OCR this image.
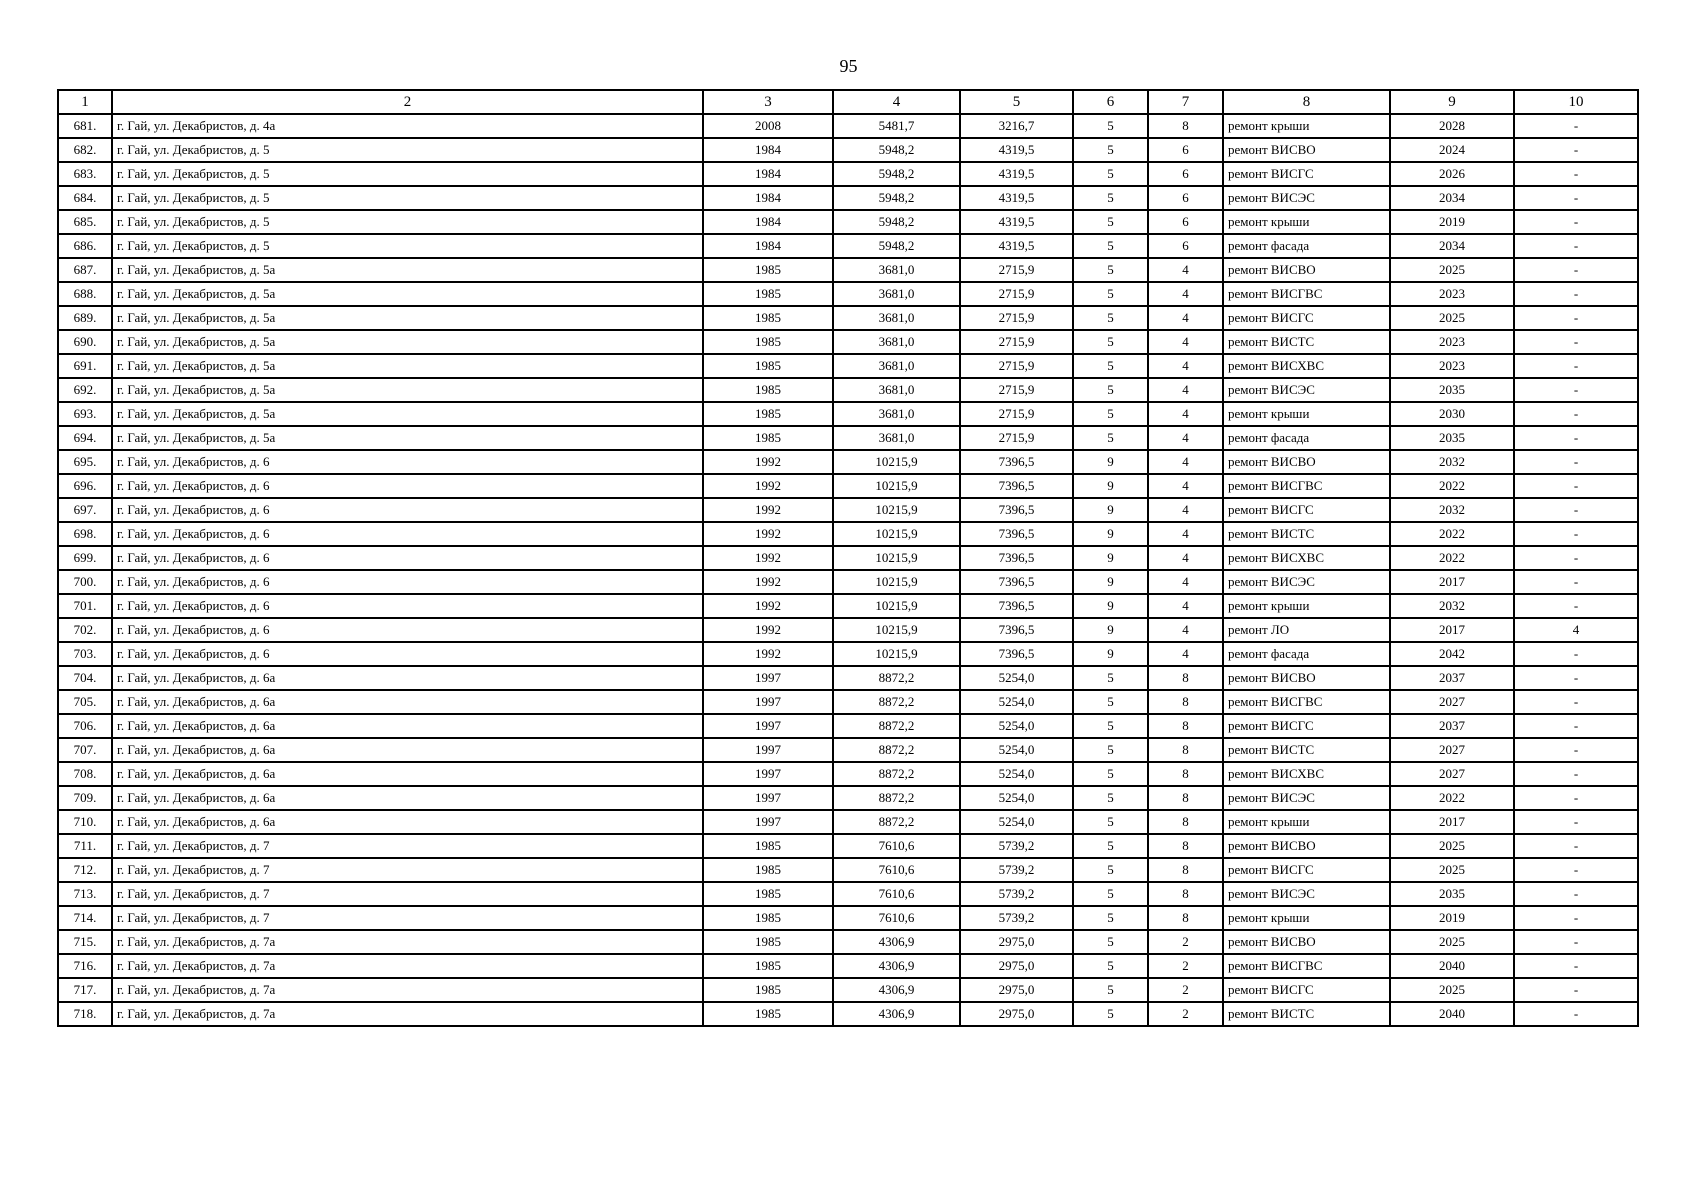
95
1	2	3	4	5	6	7	8	9	10
681.	г. Гай, ул. Декабристов, д. 4а	2008	5481,7	3216,7	5	8	ремонт крыши	2028	-
682.	г. Гай, ул. Декабристов, д. 5	1984	5948,2	4319,5	5	6	ремонт ВИСВО	2024	-
683.	г. Гай, ул. Декабристов, д. 5	1984	5948,2	4319,5	5	6	ремонт ВИСГС	2026	-
684.	г. Гай, ул. Декабристов, д. 5	1984	5948,2	4319,5	5	6	ремонт ВИСЭС	2034	-
685.	г. Гай, ул. Декабристов, д. 5	1984	5948,2	4319,5	5	6	ремонт крыши	2019	-
686.	г. Гай, ул. Декабристов, д. 5	1984	5948,2	4319,5	5	6	ремонт фасада	2034	-
687.	г. Гай, ул. Декабристов, д. 5а	1985	3681,0	2715,9	5	4	ремонт ВИСВО	2025	-
688.	г. Гай, ул. Декабристов, д. 5а	1985	3681,0	2715,9	5	4	ремонт ВИСГВС	2023	-
689.	г. Гай, ул. Декабристов, д. 5а	1985	3681,0	2715,9	5	4	ремонт ВИСГС	2025	-
690.	г. Гай, ул. Декабристов, д. 5а	1985	3681,0	2715,9	5	4	ремонт ВИСТС	2023	-
691.	г. Гай, ул. Декабристов, д. 5а	1985	3681,0	2715,9	5	4	ремонт ВИСХВС	2023	-
692.	г. Гай, ул. Декабристов, д. 5а	1985	3681,0	2715,9	5	4	ремонт ВИСЭС	2035	-
693.	г. Гай, ул. Декабристов, д. 5а	1985	3681,0	2715,9	5	4	ремонт крыши	2030	-
694.	г. Гай, ул. Декабристов, д. 5а	1985	3681,0	2715,9	5	4	ремонт фасада	2035	-
695.	г. Гай, ул. Декабристов, д. 6	1992	10215,9	7396,5	9	4	ремонт ВИСВО	2032	-
696.	г. Гай, ул. Декабристов, д. 6	1992	10215,9	7396,5	9	4	ремонт ВИСГВС	2022	-
697.	г. Гай, ул. Декабристов, д. 6	1992	10215,9	7396,5	9	4	ремонт ВИСГС	2032	-
698.	г. Гай, ул. Декабристов, д. 6	1992	10215,9	7396,5	9	4	ремонт ВИСТС	2022	-
699.	г. Гай, ул. Декабристов, д. 6	1992	10215,9	7396,5	9	4	ремонт ВИСХВС	2022	-
700.	г. Гай, ул. Декабристов, д. 6	1992	10215,9	7396,5	9	4	ремонт ВИСЭС	2017	-
701.	г. Гай, ул. Декабристов, д. 6	1992	10215,9	7396,5	9	4	ремонт крыши	2032	-
702.	г. Гай, ул. Декабристов, д. 6	1992	10215,9	7396,5	9	4	ремонт ЛО	2017	4
703.	г. Гай, ул. Декабристов, д. 6	1992	10215,9	7396,5	9	4	ремонт фасада	2042	-
704.	г. Гай, ул. Декабристов, д. 6а	1997	8872,2	5254,0	5	8	ремонт ВИСВО	2037	-
705.	г. Гай, ул. Декабристов, д. 6а	1997	8872,2	5254,0	5	8	ремонт ВИСГВС	2027	-
706.	г. Гай, ул. Декабристов, д. 6а	1997	8872,2	5254,0	5	8	ремонт ВИСГС	2037	-
707.	г. Гай, ул. Декабристов, д. 6а	1997	8872,2	5254,0	5	8	ремонт ВИСТС	2027	-
708.	г. Гай, ул. Декабристов, д. 6а	1997	8872,2	5254,0	5	8	ремонт ВИСХВС	2027	-
709.	г. Гай, ул. Декабристов, д. 6а	1997	8872,2	5254,0	5	8	ремонт ВИСЭС	2022	-
710.	г. Гай, ул. Декабристов, д. 6а	1997	8872,2	5254,0	5	8	ремонт крыши	2017	-
711.	г. Гай, ул. Декабристов, д. 7	1985	7610,6	5739,2	5	8	ремонт ВИСВО	2025	-
712.	г. Гай, ул. Декабристов, д. 7	1985	7610,6	5739,2	5	8	ремонт ВИСГС	2025	-
713.	г. Гай, ул. Декабристов, д. 7	1985	7610,6	5739,2	5	8	ремонт ВИСЭС	2035	-
714.	г. Гай, ул. Декабристов, д. 7	1985	7610,6	5739,2	5	8	ремонт крыши	2019	-
715.	г. Гай, ул. Декабристов, д. 7а	1985	4306,9	2975,0	5	2	ремонт ВИСВО	2025	-
716.	г. Гай, ул. Декабристов, д. 7а	1985	4306,9	2975,0	5	2	ремонт ВИСГВС	2040	-
717.	г. Гай, ул. Декабристов, д. 7а	1985	4306,9	2975,0	5	2	ремонт ВИСГС	2025	-
718.	г. Гай, ул. Декабристов, д. 7а	1985	4306,9	2975,0	5	2	ремонт ВИСТС	2040	-
